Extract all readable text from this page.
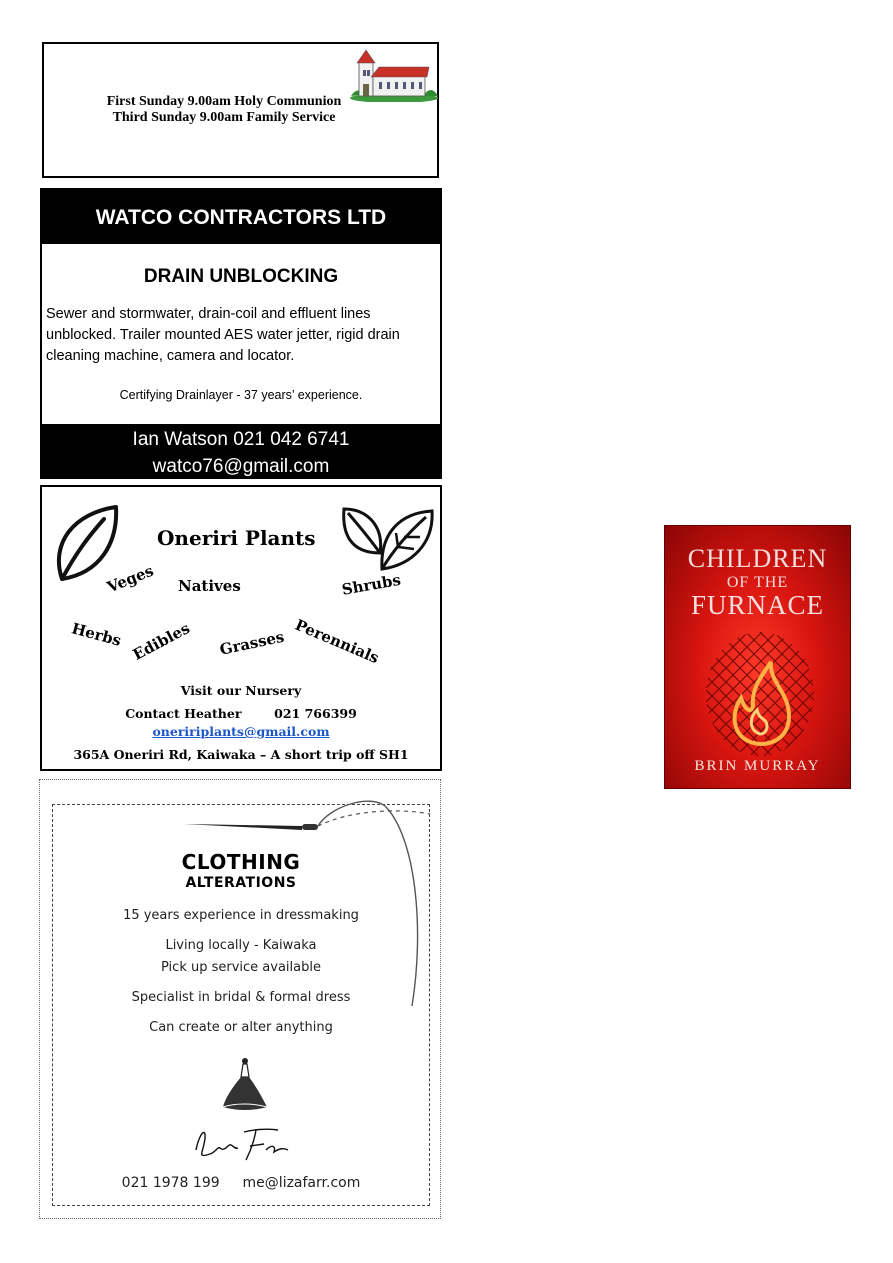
First Sunday 9.00am Holy Communion
Third Sunday 9.00am Family Service
WATCO CONTRACTORS LTD
DRAIN UNBLOCKING
Sewer and stormwater, drain-coil and effluent lines unblocked. Trailer mounted AES water jetter, rigid drain cleaning machine, camera and locator.
Certifying Drainlayer - 37 years’ experience.
Ian Watson 021 042 6741
watco76@gmail.com
Oneriri Plants
Veges Natives	Shrubs
Herbs Edibles Grasses Perennials
Visit our Nursery
Contact Heather	021 766399
oneririplants@gmail.com
365A Oneriri Rd, Kaiwaka – A short trip off SH1
CLOTHING
ALTERATIONS
15 years experience in dressmaking
Living locally - Kaiwaka
Pick up service available
Specialist in bridal & formal dress
Can create or alter anything
021 1978 199 me@lizafarr.com
CHILDREN
OF THE
FURNACE
BRIN MURRAY
